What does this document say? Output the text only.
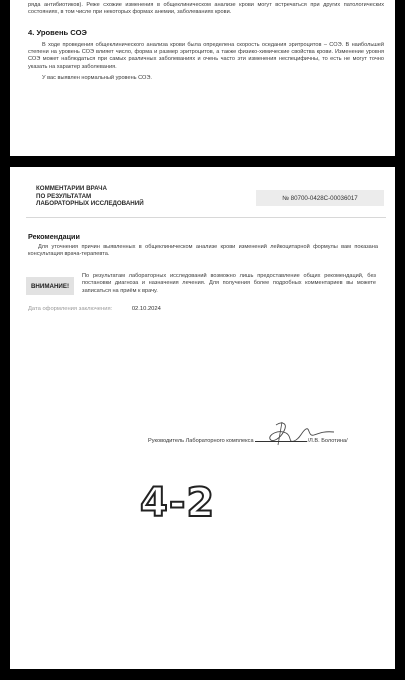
ряда антибиотиков). Реже схожие изменения в общеклиническом анализе крови могут встречаться при других патологических состояниях, в том числе при некоторых формах анемии, заболеваниях крови.
4. Уровень СОЭ
В ходе проведения общеклинического анализа крови была определена скорость оседания эритроцитов – СОЭ. В наибольшей степени на уровень СОЭ влияет число, форма и размер эритроцитов, а также физико-химические свойства крови. Изменение уровня СОЭ может наблюдаться при самых различных заболеваниях и очень часто эти изменения неспецифичны, то есть не могут точно указать на характер заболевания.
У вас выявлен нормальный уровень СОЭ.
КОММЕНТАРИИ ВРАЧА
ПО РЕЗУЛЬТАТАМ
ЛАБОРАТОРНЫХ ИССЛЕДОВАНИЙ
№ 80700-0428С-00036017
Рекомендации
Для уточнения причин выявленных в общеклиническом анализе крови изменений лейкоцитарной формулы вам показана консультация врача-терапевта.
ВНИМАНИЕ!
По результатам лабораторных исследований возможно лишь предоставление общих рекомендаций, без постановки диагноза и назначения лечения. Для получения более подробных комментариев вы можете записаться на приём к врачу.
Дата оформления заключения:	02.10.2024
Руководитель Лабораторного комплекса	/Л.В. Болотина/
4-2
